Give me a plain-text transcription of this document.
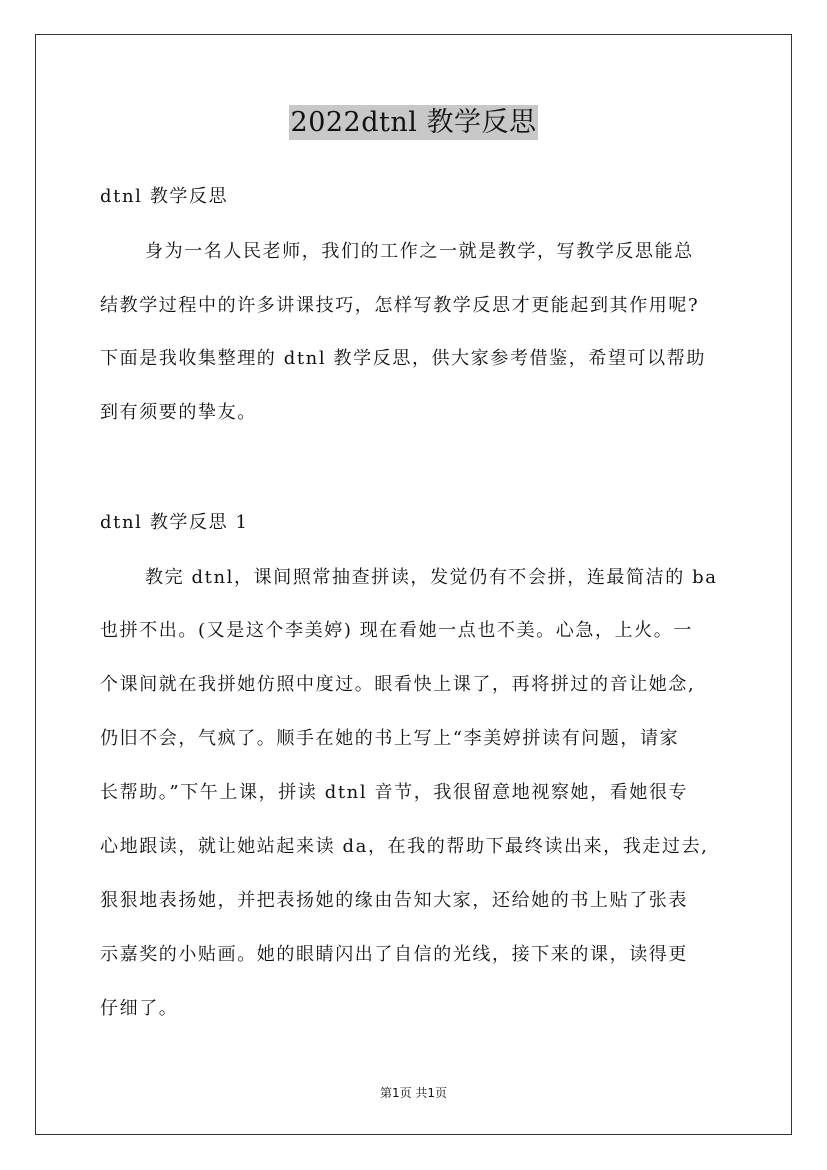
2022dtnl 教学反思
dtnl 教学反思
身为一名人民老师，我们的工作之一就是教学，写教学反思能总
结教学过程中的许多讲课技巧，怎样写教学反思才更能起到其作用呢?
下面是我收集整理的 dtnl 教学反思，供大家参考借鉴，希望可以帮助
到有须要的挚友。
dtnl 教学反思 1
教完 dtnl，课间照常抽查拼读，发觉仍有不会拼，连最简洁的 ba
也拼不出。(又是这个李美婷) 现在看她一点也不美。心急，上火。一
个课间就在我拼她仿照中度过。眼看快上课了，再将拼过的音让她念,
仍旧不会，气疯了。顺手在她的书上写上“李美婷拼读有问题，请家
长帮助。”下午上课，拼读 dtnl 音节，我很留意地视察她，看她很专
心地跟读，就让她站起来读 da，在我的帮助下最终读出来，我走过去,
狠狠地表扬她，并把表扬她的缘由告知大家，还给她的书上贴了张表
示嘉奖的小贴画。她的眼睛闪出了自信的光线，接下来的课，读得更
仔细了。
第1页 共1页
